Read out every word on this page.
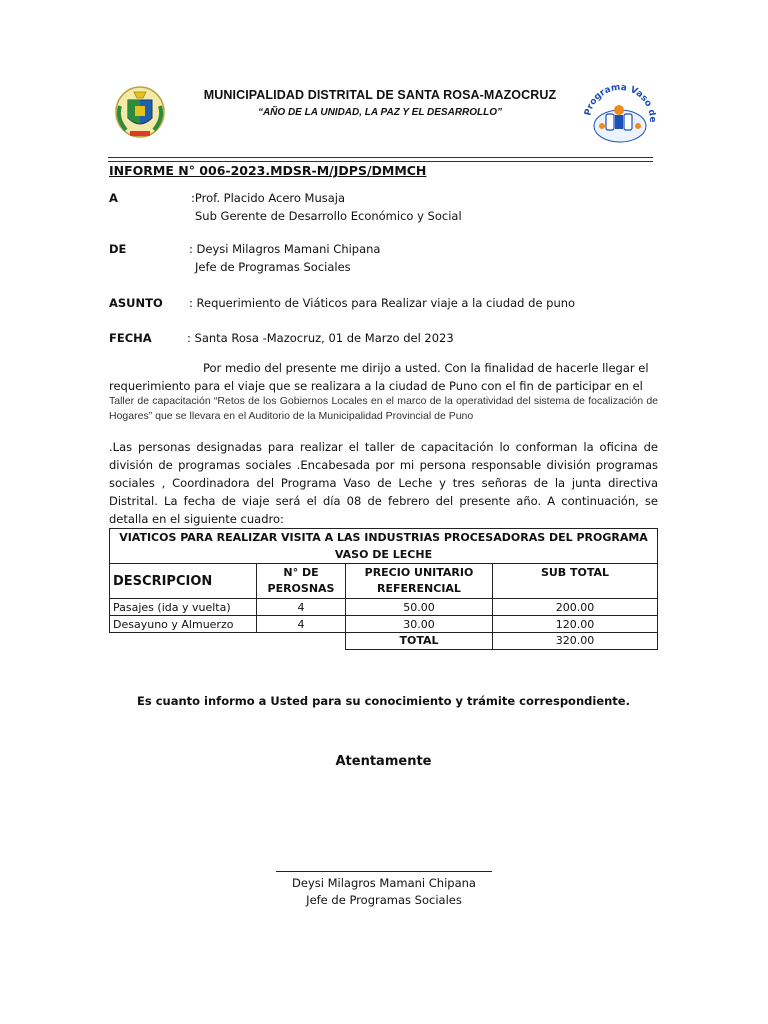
MUNICIPALIDAD DISTRITAL DE SANTA ROSA-MAZOCRUZ
“AÑO DE LA UNIDAD, LA PAZ Y EL DESARROLLO”	Programa Vaso d
INFORME N° 006-2023.MDSR-M/JDPS/DMMCH
A	:Prof. Placido Acero Musaja
Sub Gerente de Desarrollo Económico y Social
DE	: Deysi Milagros Mamani Chipana
Jefe de Programas Sociales
ASUNTO : Requerimiento de Viáticos para Realizar viaje a la ciudad de puno
FECHA	: Santa Rosa -Mazocruz, 01 de Marzo del 2023
Por medio del presente me dirijo a usted. Con la finalidad de hacerle llegar el
requerimiento para el viaje que se realizara a la ciudad de Puno con el fin de participar en el
Taller de capacitación “Retos de los Gobiernos Locales en el marco de la operatividad del sistema de focalización de Hogares” que se llevara en el Auditorio de la Municipalidad Provincial de Puno
.Las personas designadas para realizar el taller de capacitación lo conforman la oficina de división de programas sociales .Encabesada por mi persona responsable división programas sociales , Coordinadora del Programa Vaso de Leche y tres señoras de la junta directiva Distrital. La fecha de viaje será el día 08 de febrero del presente año. A continuación, se detalla en el siguiente cuadro:
VIATICOS PARA REALIZAR VISITA A LAS INDUSTRIAS PROCESADORAS DEL PROGRAMA VASO DE LECHE			
DESCRIPCION	N° DE PEROSNAS	PRECIO UNITARIO REFERENCIAL	SUB TOTAL
Pasajes (ida y vuelta)	4	50.00	200.00
Desayuno y Almuerzo	4	30.00	120.00
		TOTAL	320.00
Es cuanto informo a Usted para su conocimiento y trámite correspondiente.
Atentamente
Deysi Milagros Mamani Chipana
Jefe de Programas Sociales
